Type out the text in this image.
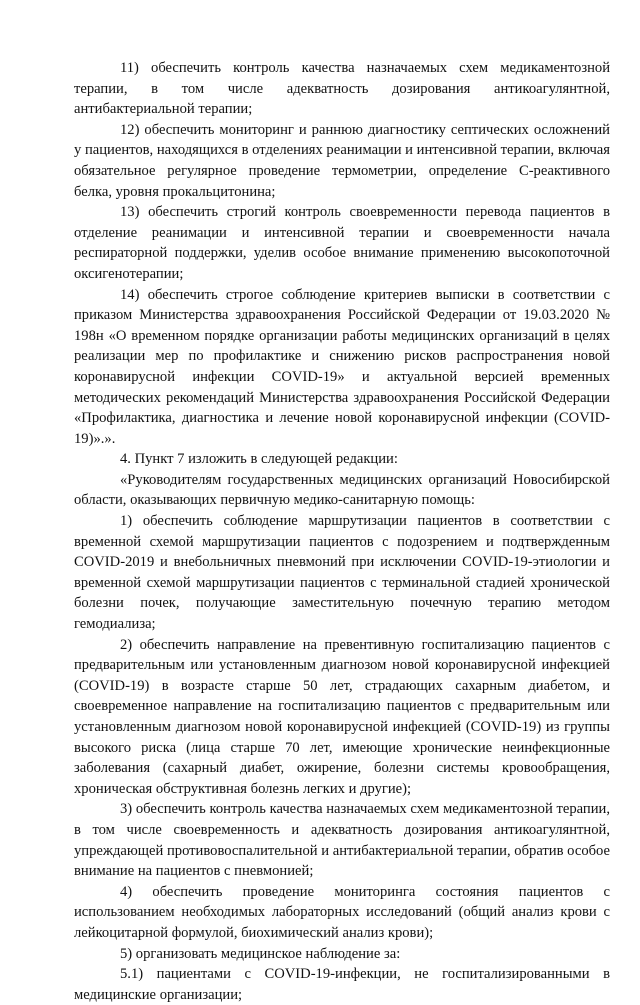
11) обеспечить контроль качества назначаемых схем медикаментозной терапии, в том числе адекватность дозирования антикоагулянтной, антибактериальной терапии;

12) обеспечить мониторинг и раннюю диагностику септических осложнений у пациентов, находящихся в отделениях реанимации и интенсивной терапии, включая обязательное регулярное проведение термометрии, определение С-реактивного белка, уровня прокальцитонина;

13) обеспечить строгий контроль своевременности перевода пациентов в отделение реанимации и интенсивной терапии и своевременности начала респираторной поддержки, уделив особое внимание применению высокопоточной оксигенотерапии;

14) обеспечить строгое соблюдение критериев выписки в соответствии с приказом Министерства здравоохранения Российской Федерации от 19.03.2020 № 198н «О временном порядке организации работы медицинских организаций в целях реализации мер по профилактике и снижению рисков распространения новой коронавирусной инфекции COVID-19» и актуальной версией временных методических рекомендаций Министерства здравоохранения Российской Федерации «Профилактика, диагностика и лечение новой коронавирусной инфекции (COVID-19)».».

4. Пункт 7 изложить в следующей редакции:

«Руководителям государственных медицинских организаций Новосибирской области, оказывающих первичную медико-санитарную помощь:

1) обеспечить соблюдение маршрутизации пациентов в соответствии с временной схемой маршрутизации пациентов с подозрением и подтвержденным COVID-2019 и внебольничных пневмоний при исключении COVID-19-этиологии и временной схемой маршрутизации пациентов с терминальной стадией хронической болезни почек, получающие заместительную почечную терапию методом гемодиализа;

2) обеспечить направление на превентивную госпитализацию пациентов с предварительным или установленным диагнозом новой коронавирусной инфекцией (COVID-19) в возрасте старше 50 лет, страдающих сахарным диабетом, и своевременное направление на госпитализацию пациентов с предварительным или установленным диагнозом новой коронавирусной инфекцией (COVID-19) из группы высокого риска (лица старше 70 лет, имеющие хронические неинфекционные заболевания (сахарный диабет, ожирение, болезни системы кровообращения, хроническая обструктивная болезнь легких и другие);

3) обеспечить контроль качества назначаемых схем медикаментозной терапии, в том числе своевременность и адекватность дозирования антикоагулянтной, упреждающей противовоспалительной и антибактериальной терапии, обратив особое внимание на пациентов с пневмонией;

4) обеспечить проведение мониторинга состояния пациентов с использованием необходимых лабораторных исследований (общий анализ крови с лейкоцитарной формулой, биохимический анализ крови);

5) организовать медицинское наблюдение за:

5.1) пациентами с COVID-19-инфекции, не госпитализированными в медицинские организации;
